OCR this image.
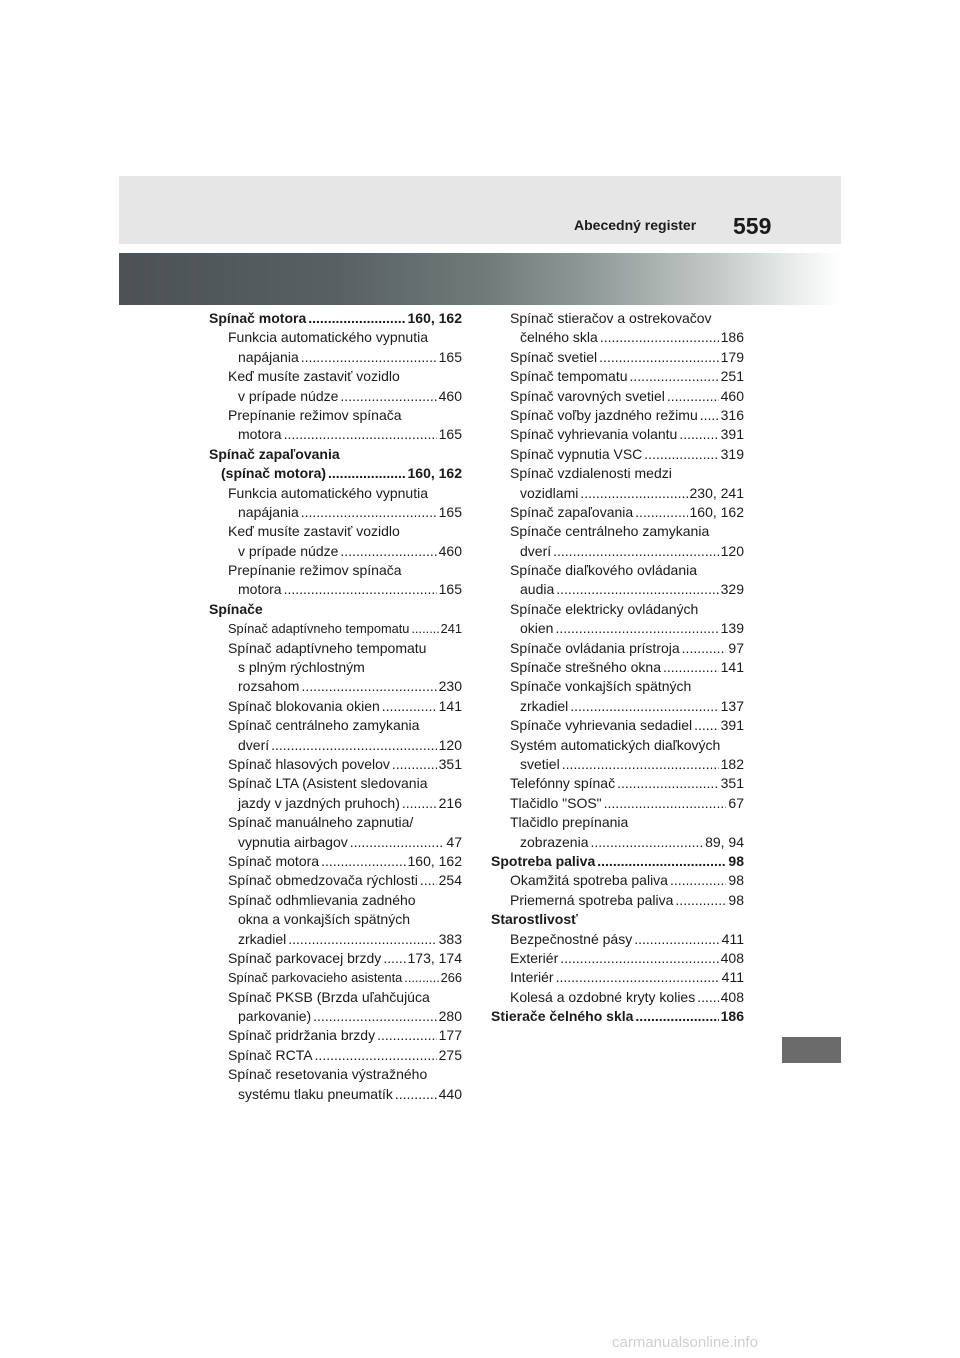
Abecedný register 559
Spínač motora .....	160, 162
Funkcia automatického vypnutia
napájania .....	165
Keď musíte zastaviť vozidlo
v prípade núdze .....	460
Prepínanie režimov spínača
motora .....	165
Spínač zapaľovania
(spínač motora) .....	160, 162
Funkcia automatického vypnutia
napájania .....	165
Keď musíte zastaviť vozidlo
v prípade núdze .....	460
Prepínanie režimov spínača
motora .....	165
Spínače
Spínač adaptívneho tempomatu ..... 241
Spínač adaptívneho tempomatu
s plným rýchlostným
rozsahom .....	230
Spínač blokovania okien .....	141
Spínač centrálneho zamykania
dverí .....	120
Spínač hlasových povelov .....	351
Spínač LTA (Asistent sledovania
jazdy v jazdných pruhoch) .....	216
Spínač manuálneho zapnutia/
vypnutia airbagov .....	47
Spínač motora .....	160, 162
Spínač obmedzovača rýchlosti ..... 254
Spínač odhmlievania zadného
okna a vonkajších spätných
zrkadiel .....	383
Spínač parkovacej brzdy ..... 173, 174
Spínač parkovacieho asistenta .....	266
Spínač PKSB (Brzda uľahčujúca
parkovanie) .....	280
Spínač pridržania brzdy .....	177
Spínač RCTA .....	275
Spínač resetovania výstražného
systému tlaku pneumatík .....	440
Spínač stieračov a ostrekovačov
čelného skla .....	186
Spínač svetiel .....	179
Spínač tempomatu .....	251
Spínač varovných svetiel .....	460
Spínač voľby jazdného režimu ..... 316
Spínač vyhrievania volantu .....	391
Spínač vypnutia VSC .....	319
Spínač vzdialenosti medzi
vozidlami .....	230, 241
Spínač zapaľovania .....	160, 162
Spínače centrálneho zamykania
dverí .....	120
Spínače diaľkového ovládania
audia .....	329
Spínače elektricky ovládaných
okien .....	139
Spínače ovládania prístroja .....	97
Spínače strešného okna .....	141
Spínače vonkajších spätných
zrkadiel .....	137
Spínače vyhrievania sedadiel ..... 391
Systém automatických diaľkových
svetiel .....	182
Telefónny spínač .....	351
Tlačidlo "SOS" .....	67
Tlačidlo prepínania
zobrazenia .....	89, 94
Spotreba paliva .....	98
Okamžitá spotreba paliva .....	98
Priemerná spotreba paliva .....	98
Starostlivosť
Bezpečnostné pásy .....	411
Exteriér .....	408
Interiér .....	411
Kolesá a ozdobné kryty kolies ..... 408
Stierače čelného skla .....	186
carmanualsonline.info
